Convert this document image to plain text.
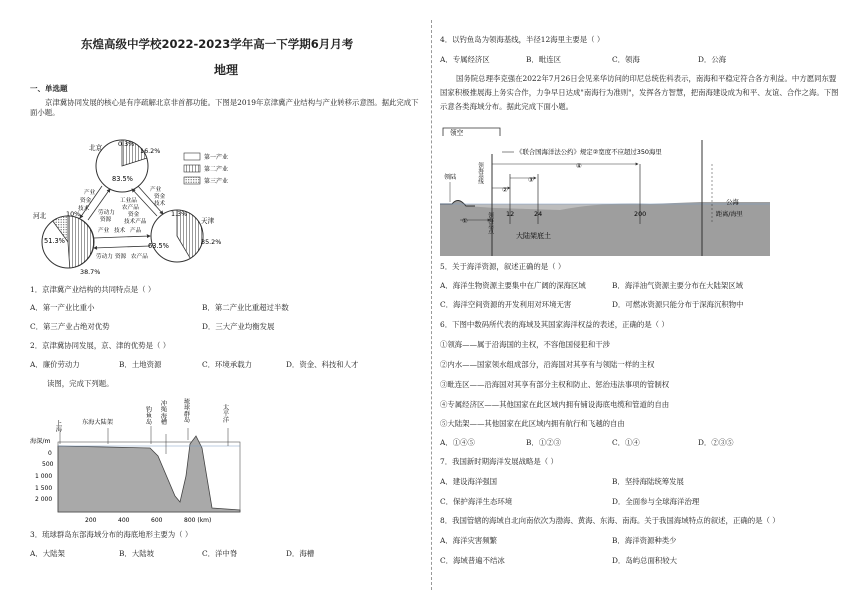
东煌高级中学校2022-2023学年高一下学期6月月考
地理
一、单选题
京津冀协同发展的核心是有序疏解北京非首都功能。下图是2019年京津冀产业结构与产业转移示意图。据此完成下面小题。
北京 0.3%
16.2%
83.5%
河北	10%
38.7%
51.3%
天津
1.3%
35.2%
63.5%
产业
资金
技术
劳动力
资源
产业
资金
技术
工业品
农产品
资金
技术产品
产业 技术 产品
劳动力 资源 农产品
第一产业
第二产业
第三产业
1．京津冀产业结构的共同特点是（ ）
A．第一产业比重小	B．第二产业比重超过半数
C．第三产业占绝对优势	D．三大产业均衡发展
2．京津冀协同发展，京、津的优势是（ ）
A．廉价劳动力	B．土地资源	C．环境承载力	D．资金、科技和人才
读图，完成下列题。
上海	东海大陆架	钓鱼岛 冲绳海槽	琉球群岛	太平洋
海深/m
0
500
1 000
1 500
2 000
200	400	600	800 (km)
3．琉球群岛东部海域分布的海底地形主要为（ ）
A．大陆架	B．大陆坡	C．洋中脊	D．海槽
4．以钓鱼岛为领海基线，半径12海里主要是（ ）
A．专属经济区	B．毗连区	C．领海	D．公海
国务院总理李克强在2022年7月26日会见来华访问的印尼总统佐科表示，南海和平稳定符合各方利益。中方愿同东盟国家积极推展海上务实合作，力争早日达成"南海行为准则"，发挥各方智慧，把南海建设成为和平、友谊、合作之海。下图示意各类海域分布。据此完成下面小题。
领空
领陆	领海基线
领海基点
《联合国海洋法公约》规定②宽度不应超过350海里
④
③
②
①
12	24	200
大陆架底土
公海
距离/海里
5．关于海洋资源，叙述正确的是（ ）
A．海洋生物资源主要集中在广阔的深海区域	B．海洋油气资源主要分布在大陆架区域
C．海洋空间资源的开发利用对环境无害	D．可燃冰资源只能分布于深海沉积物中
6．下图中数码所代表的海域及其国家海洋权益的表述，正确的是（ ）
①领海——属于沿海国的主权，不容他国侵犯和干涉
②内水——国家领水组成部分，沿海国对其享有与领陆一样的主权
③毗连区——沿海国对其享有部分主权和防止、惩治违法事项的管制权
④专属经济区——其他国家在此区域内拥有铺设海底电缆和管道的自由
⑤大陆架——其他国家在此区域内拥有航行和飞越的自由
A．①④⑤	B．①②③	C．①④	D．②③⑤
7．我国新时期海洋发展战略是（ ）
A．建设海洋强国	B．坚持海陆统筹发展
C．保护海洋生态环境	D．全面参与全球海洋治理
8．我国管辖的海域自北向南依次为渤海、黄海、东海、南海。关于我国海域特点的叙述，正确的是（ ）
A．海洋灾害频繁	B．海洋资源种类少
C．海域普遍不结冰	D．岛屿总面积较大
